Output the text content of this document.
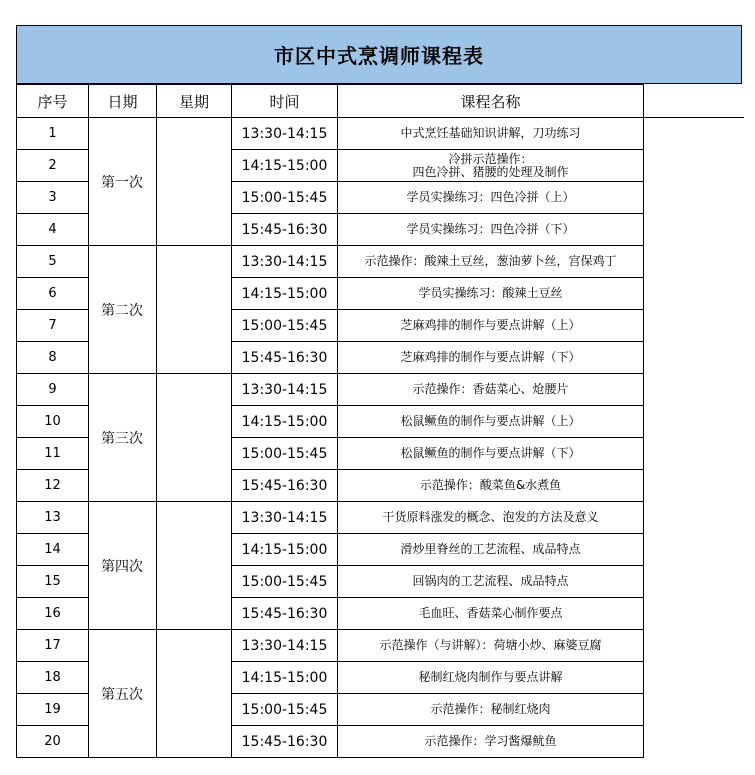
市区中式烹调师课程表
序号	日期	星期	时间	课程名称	
1	第一次		13:30-14:15	中式烹饪基础知识讲解，刀功练习	
2			14:15-15:00	冷拼示范操作：
四色冷拼、猪腰的处理及制作	

3			15:00-15:45	学员实操练习：四色冷拼（上）	
4			15:45-16:30	学员实操练习：四色冷拼（下）	
5	第二次		13:30-14:15	示范操作：酸辣土豆丝，葱油萝卜丝，宫保鸡丁	
6			14:15-15:00	学员实操练习：酸辣土豆丝	
7			15:00-15:45	芝麻鸡排的制作与要点讲解（上）	
8			15:45-16:30	芝麻鸡排的制作与要点讲解（下）	
9	第三次		13:30-14:15	示范操作：香菇菜心、炝腰片	
10			14:15-15:00	松鼠鳜鱼的制作与要点讲解（上）	
11			15:00-15:45	松鼠鳜鱼的制作与要点讲解（下）	
12			15:45-16:30	示范操作：酸菜鱼&水煮鱼	
13	第四次		13:30-14:15	干货原料涨发的概念、泡发的方法及意义	
14			14:15-15:00	滑炒里脊丝的工艺流程、成品特点	
15			15:00-15:45	回锅肉的工艺流程、成品特点	
16			15:45-16:30	毛血旺、香菇菜心制作要点	
17	第五次		13:30-14:15	示范操作（与讲解）：荷塘小炒、麻婆豆腐	
18			14:15-15:00	秘制红烧肉制作与要点讲解	
19			15:00-15:45	示范操作：秘制红烧肉	
20			15:45-16:30	示范操作：学习酱爆鱿鱼	
